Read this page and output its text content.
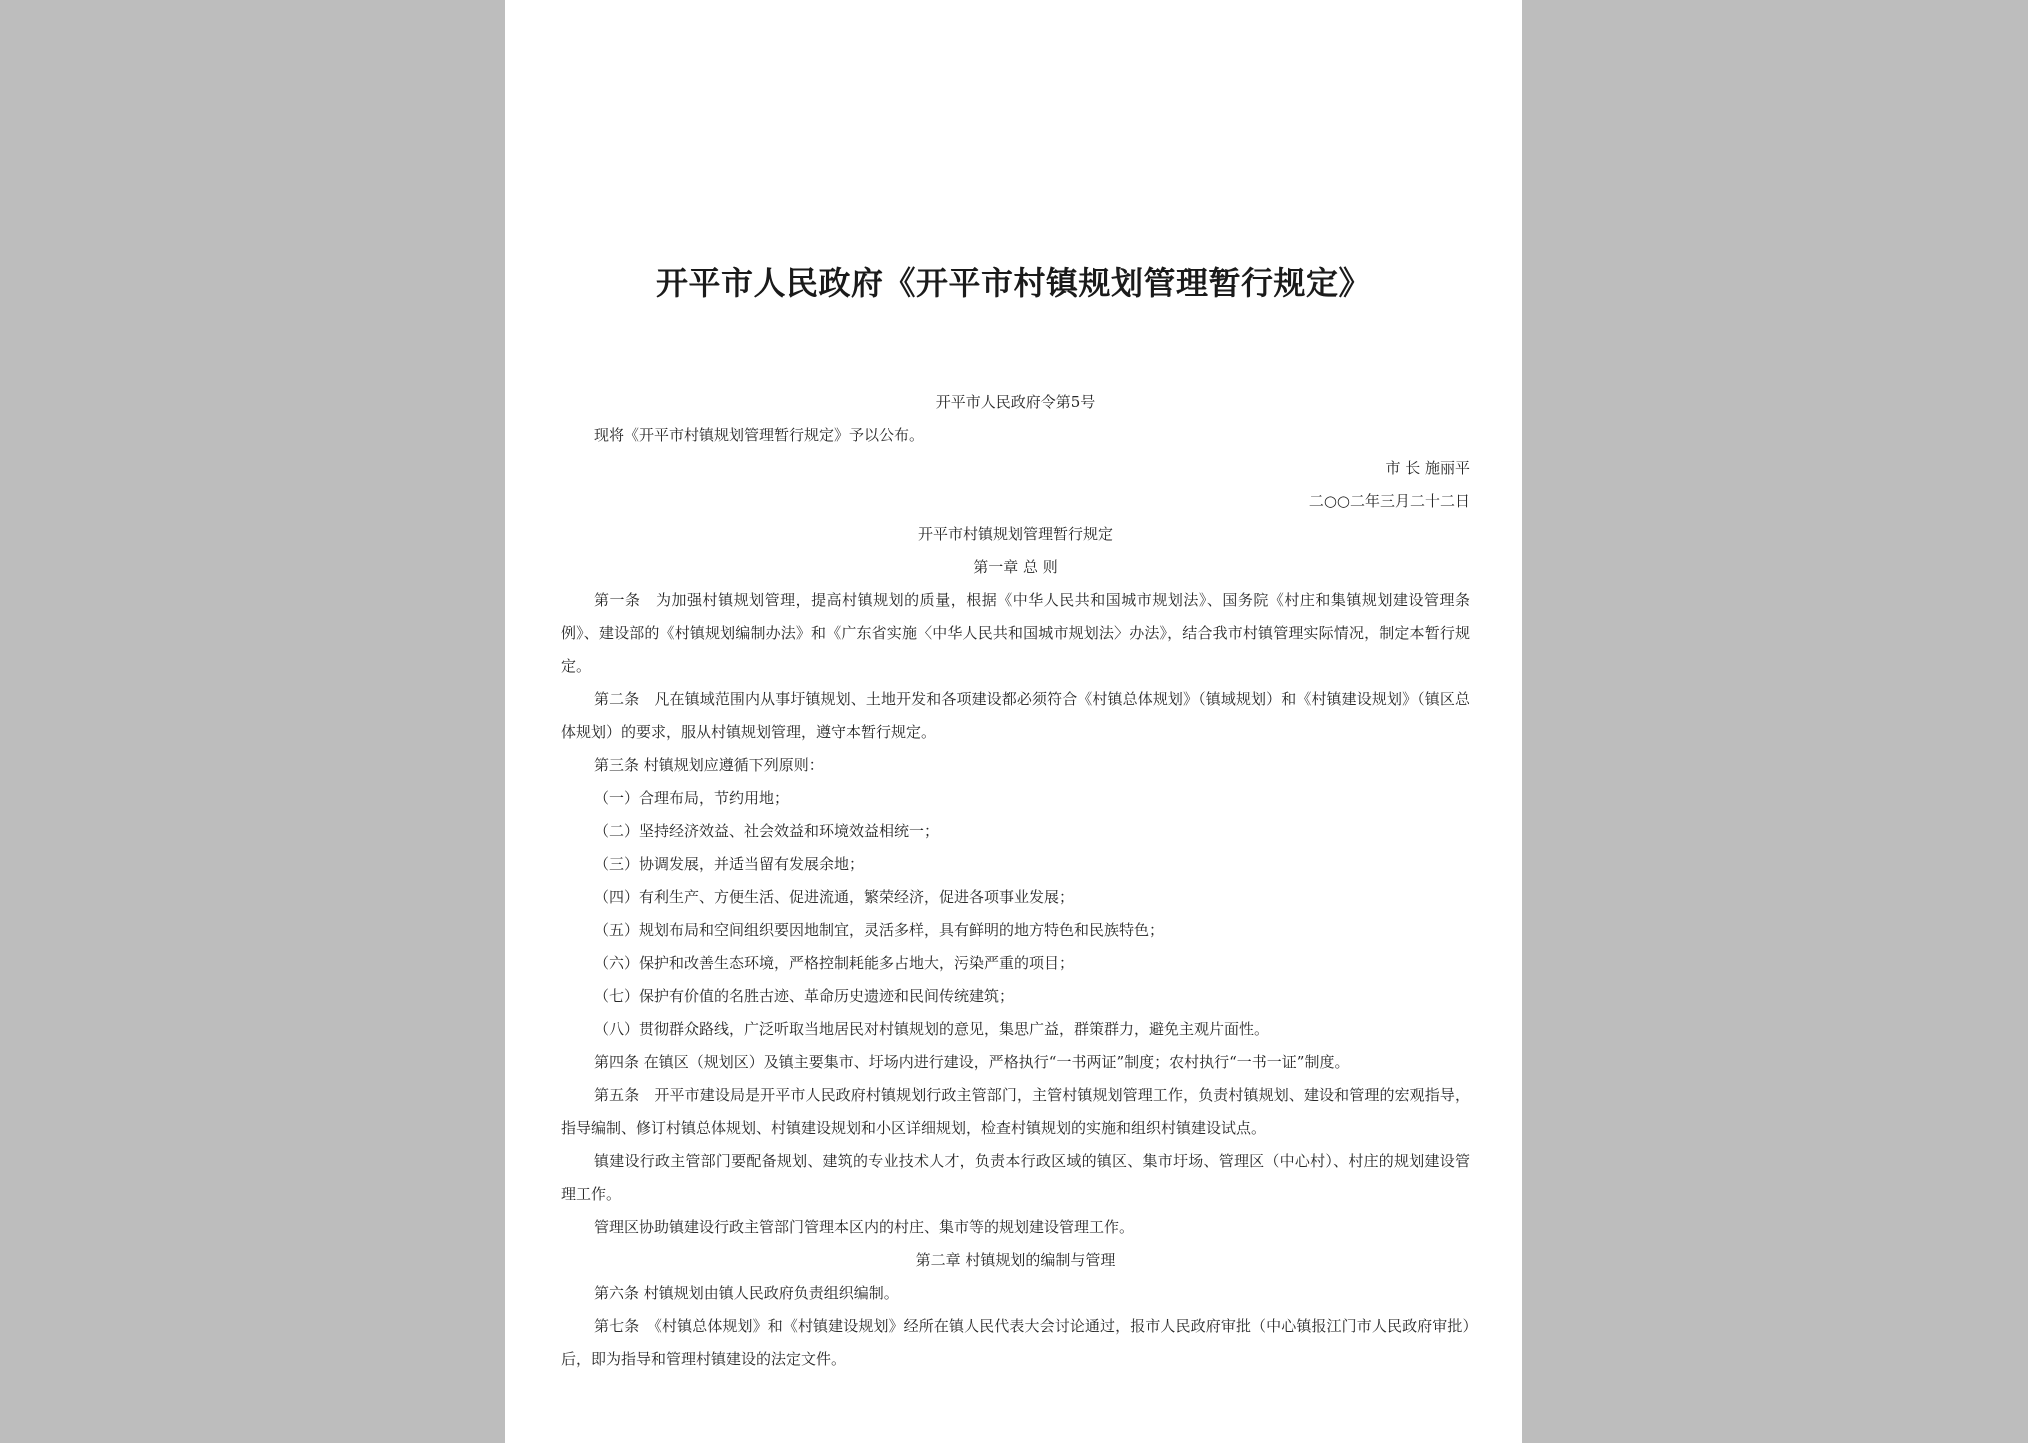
开平市人民政府《开平市村镇规划管理暂行规定》

开平市人民政府令第5号

现将《开平市村镇规划管理暂行规定》予以公布。

市 长 施丽平

二○○二年三月二十二日

开平市村镇规划管理暂行规定

第一章 总 则

第一条　为加强村镇规划管理，提高村镇规划的质量，根据《中华人民共和国城市规划法》、国务院《村庄和集镇规划建设管理条例》、建设部的《村镇规划编制办法》和《广东省实施〈中华人民共和国城市规划法〉办法》，结合我市村镇管理实际情况，制定本暂行规定。

第二条　凡在镇域范围内从事圩镇规划、土地开发和各项建设都必须符合《村镇总体规划》（镇域规划）和《村镇建设规划》（镇区总体规划）的要求，服从村镇规划管理，遵守本暂行规定。

第三条 村镇规划应遵循下列原则：

（一）合理布局，节约用地；

（二）坚持经济效益、社会效益和环境效益相统一；

（三）协调发展，并适当留有发展余地；

（四）有利生产、方便生活、促进流通，繁荣经济，促进各项事业发展；

（五）规划布局和空间组织要因地制宜，灵活多样，具有鲜明的地方特色和民族特色；

（六）保护和改善生态环境，严格控制耗能多占地大，污染严重的项目；

（七）保护有价值的名胜古迹、革命历史遗迹和民间传统建筑；

（八）贯彻群众路线，广泛听取当地居民对村镇规划的意见，集思广益，群策群力，避免主观片面性。

第四条 在镇区（规划区）及镇主要集市、圩场内进行建设，严格执行“一书两证”制度；农村执行“一书一证”制度。

第五条　开平市建设局是开平市人民政府村镇规划行政主管部门，主管村镇规划管理工作，负责村镇规划、建设和管理的宏观指导，指导编制、修订村镇总体规划、村镇建设规划和小区详细规划，检查村镇规划的实施和组织村镇建设试点。

镇建设行政主管部门要配备规划、建筑的专业技术人才，负责本行政区域的镇区、集市圩场、管理区（中心村）、村庄的规划建设管理工作。

管理区协助镇建设行政主管部门管理本区内的村庄、集市等的规划建设管理工作。

第二章 村镇规划的编制与管理

第六条 村镇规划由镇人民政府负责组织编制。

第七条　《村镇总体规划》和《村镇建设规划》经所在镇人民代表大会讨论通过，报市人民政府审批（中心镇报江门市人民政府审批）后，即为指导和管理村镇建设的法定文件。
